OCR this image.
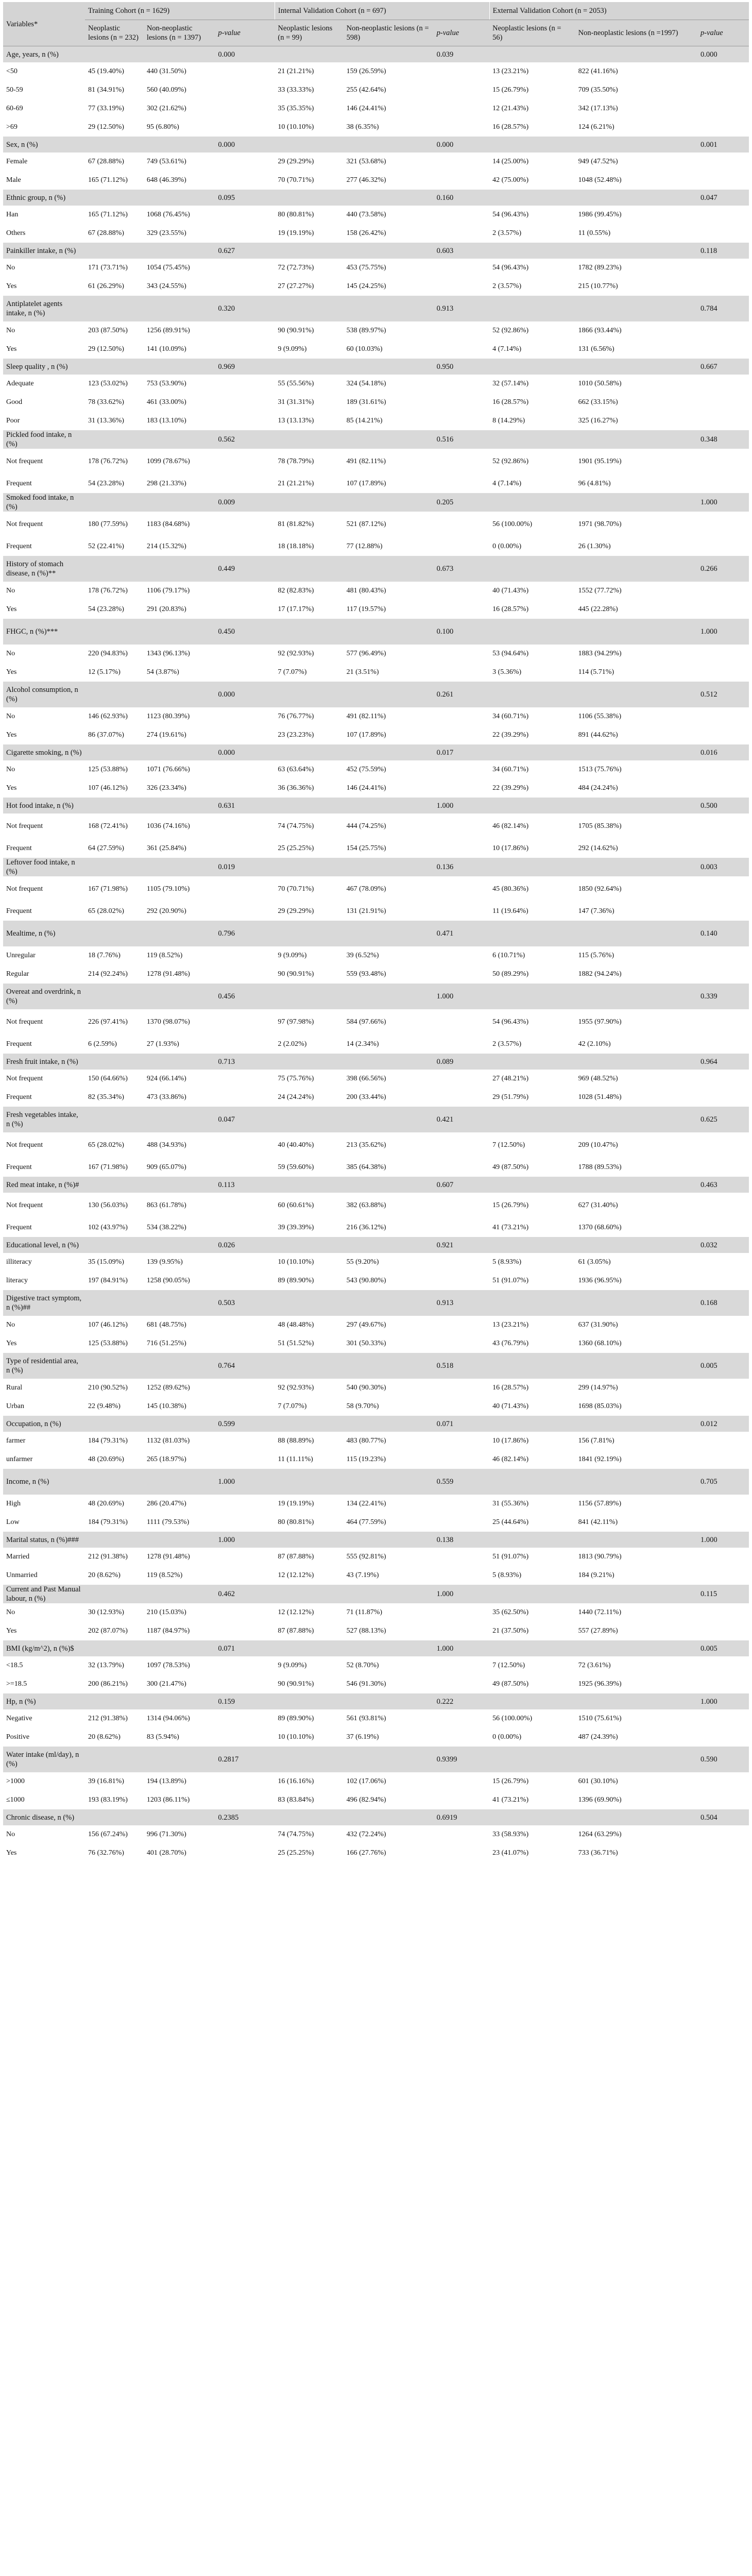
Variables*	Training Cohort (n = 1629)			Internal Validation Cohort (n = 697)			External Validation Cohort (n = 2053)		
	Neoplastic lesions (n = 232)	Non-neoplastic lesions (n = 1397)	p-value	Neoplastic lesions (n = 99)	Non-neoplastic lesions (n = 598)	p-value	Neoplastic lesions (n = 56)	Non-neoplastic lesions (n =1997)	p-value
Age, years, n (%)			0.000			0.039			0.000
<50	45 (19.40%)	440 (31.50%)		21 (21.21%)	159 (26.59%)		13 (23.21%)	822 (41.16%)	
50-59	81 (34.91%)	560 (40.09%)		33 (33.33%)	255 (42.64%)		15 (26.79%)	709 (35.50%)	
60-69	77 (33.19%)	302 (21.62%)		35 (35.35%)	146 (24.41%)		12 (21.43%)	342 (17.13%)	
>69	29 (12.50%)	95 (6.80%)		10 (10.10%)	38 (6.35%)		16 (28.57%)	124 (6.21%)	
Sex, n (%)			0.000			0.000			0.001
Female	67 (28.88%)	749 (53.61%)		29 (29.29%)	321 (53.68%)		14 (25.00%)	949 (47.52%)	
Male	165 (71.12%)	648 (46.39%)		70 (70.71%)	277 (46.32%)		42 (75.00%)	1048 (52.48%)	
Ethnic group, n (%)			0.095			0.160			0.047
Han	165 (71.12%)	1068 (76.45%)		80 (80.81%)	440 (73.58%)		54 (96.43%)	1986 (99.45%)	
Others	67 (28.88%)	329 (23.55%)		19 (19.19%)	158 (26.42%)		2 (3.57%)	11 (0.55%)	
Painkiller intake, n (%)			0.627			0.603			0.118
No	171 (73.71%)	1054 (75.45%)		72 (72.73%)	453 (75.75%)		54 (96.43%)	1782 (89.23%)	
Yes	61 (26.29%)	343 (24.55%)		27 (27.27%)	145 (24.25%)		2 (3.57%)	215 (10.77%)	
Antiplatelet agents intake, n (%)			0.320			0.913			0.784
No	203 (87.50%)	1256 (89.91%)		90 (90.91%)	538 (89.97%)		52 (92.86%)	1866 (93.44%)	
Yes	29 (12.50%)	141 (10.09%)		9 (9.09%)	60 (10.03%)		4 (7.14%)	131 (6.56%)	
Sleep quality , n (%)			0.969			0.950			0.667
Adequate	123 (53.02%)	753 (53.90%)		55 (55.56%)	324 (54.18%)		32 (57.14%)	1010 (50.58%)	
Good	78 (33.62%)	461 (33.00%)		31 (31.31%)	189 (31.61%)		16 (28.57%)	662 (33.15%)	
Poor	31 (13.36%)	183 (13.10%)		13 (13.13%)	85 (14.21%)		8 (14.29%)	325 (16.27%)	
Pickled food intake, n (%)			0.562			0.516			0.348
Not frequent	178 (76.72%)	1099 (78.67%)		78 (78.79%)	491 (82.11%)		52 (92.86%)	1901 (95.19%)	
Frequent	54 (23.28%)	298 (21.33%)		21 (21.21%)	107 (17.89%)		4 (7.14%)	96 (4.81%)	
Smoked food intake, n (%)			0.009			0.205			1.000
Not frequent	180 (77.59%)	1183 (84.68%)		81 (81.82%)	521 (87.12%)		56 (100.00%)	1971 (98.70%)	
Frequent	52 (22.41%)	214 (15.32%)		18 (18.18%)	77 (12.88%)		0 (0.00%)	26 (1.30%)	
History of stomach disease, n (%)**			0.449			0.673			0.266
No	178 (76.72%)	1106 (79.17%)		82 (82.83%)	481 (80.43%)		40 (71.43%)	1552 (77.72%)	
Yes	54 (23.28%)	291 (20.83%)		17 (17.17%)	117 (19.57%)		16 (28.57%)	445 (22.28%)	
FHGC, n (%)***			0.450			0.100			1.000
No	220 (94.83%)	1343 (96.13%)		92 (92.93%)	577 (96.49%)		53 (94.64%)	1883 (94.29%)	
Yes	12 (5.17%)	54 (3.87%)		7 (7.07%)	21 (3.51%)		3 (5.36%)	114 (5.71%)	
Alcohol consumption, n (%)			0.000			0.261			0.512
No	146 (62.93%)	1123 (80.39%)		76 (76.77%)	491 (82.11%)		34 (60.71%)	1106 (55.38%)	
Yes	86 (37.07%)	274 (19.61%)		23 (23.23%)	107 (17.89%)		22 (39.29%)	891 (44.62%)	
Cigarette smoking, n (%)			0.000			0.017			0.016
No	125 (53.88%)	1071 (76.66%)		63 (63.64%)	452 (75.59%)		34 (60.71%)	1513 (75.76%)	
Yes	107 (46.12%)	326 (23.34%)		36 (36.36%)	146 (24.41%)		22 (39.29%)	484 (24.24%)	
Hot food intake, n (%)			0.631			1.000			0.500
Not frequent	168 (72.41%)	1036 (74.16%)		74 (74.75%)	444 (74.25%)		46 (82.14%)	1705 (85.38%)	
Frequent	64 (27.59%)	361 (25.84%)		25 (25.25%)	154 (25.75%)		10 (17.86%)	292 (14.62%)	
Leftover food intake, n (%)			0.019			0.136			0.003
Not frequent	167 (71.98%)	1105 (79.10%)		70 (70.71%)	467 (78.09%)		45 (80.36%)	1850 (92.64%)	
Frequent	65 (28.02%)	292 (20.90%)		29 (29.29%)	131 (21.91%)		11 (19.64%)	147 (7.36%)	
Mealtime, n (%)			0.796			0.471			0.140
Unregular	18 (7.76%)	119 (8.52%)		9 (9.09%)	39 (6.52%)		6 (10.71%)	115 (5.76%)	
Regular	214 (92.24%)	1278 (91.48%)		90 (90.91%)	559 (93.48%)		50 (89.29%)	1882 (94.24%)	
Overeat and overdrink, n (%)			0.456			1.000			0.339
Not frequent	226 (97.41%)	1370 (98.07%)		97 (97.98%)	584 (97.66%)		54 (96.43%)	1955 (97.90%)	
Frequent	6 (2.59%)	27 (1.93%)		2 (2.02%)	14 (2.34%)		2 (3.57%)	42 (2.10%)	
Fresh fruit intake, n (%)			0.713			0.089			0.964
Not frequent	150 (64.66%)	924 (66.14%)		75 (75.76%)	398 (66.56%)		27 (48.21%)	969 (48.52%)	
Frequent	82 (35.34%)	473 (33.86%)		24 (24.24%)	200 (33.44%)		29 (51.79%)	1028 (51.48%)	
Fresh vegetables intake, n (%)			0.047			0.421			0.625
Not frequent	65 (28.02%)	488 (34.93%)		40 (40.40%)	213 (35.62%)		7 (12.50%)	209 (10.47%)	
Frequent	167 (71.98%)	909 (65.07%)		59 (59.60%)	385 (64.38%)		49 (87.50%)	1788 (89.53%)	
Red meat intake, n (%)#			0.113			0.607			0.463
Not frequent	130 (56.03%)	863 (61.78%)		60 (60.61%)	382 (63.88%)		15 (26.79%)	627 (31.40%)	
Frequent	102 (43.97%)	534 (38.22%)		39 (39.39%)	216 (36.12%)		41 (73.21%)	1370 (68.60%)	
Educational level, n (%)			0.026			0.921			0.032
illiteracy	35 (15.09%)	139 (9.95%)		10 (10.10%)	55 (9.20%)		5 (8.93%)	61 (3.05%)	
literacy	197 (84.91%)	1258 (90.05%)		89 (89.90%)	543 (90.80%)		51 (91.07%)	1936 (96.95%)	
Digestive tract symptom, n (%)##			0.503			0.913			0.168
No	107 (46.12%)	681 (48.75%)		48 (48.48%)	297 (49.67%)		13 (23.21%)	637 (31.90%)	
Yes	125 (53.88%)	716 (51.25%)		51 (51.52%)	301 (50.33%)		43 (76.79%)	1360 (68.10%)	
Type of residential area, n (%)			0.764			0.518			0.005
Rural	210 (90.52%)	1252 (89.62%)		92 (92.93%)	540 (90.30%)		16 (28.57%)	299 (14.97%)	
Urban	22 (9.48%)	145 (10.38%)		7 (7.07%)	58 (9.70%)		40 (71.43%)	1698 (85.03%)	
Occupation, n (%)			0.599			0.071			0.012
farmer	184 (79.31%)	1132 (81.03%)		88 (88.89%)	483 (80.77%)		10 (17.86%)	156 (7.81%)	
unfarmer	48 (20.69%)	265 (18.97%)		11 (11.11%)	115 (19.23%)		46 (82.14%)	1841 (92.19%)	
Income, n (%)			1.000			0.559			0.705
High	48 (20.69%)	286 (20.47%)		19 (19.19%)	134 (22.41%)		31 (55.36%)	1156 (57.89%)	
Low	184 (79.31%)	1111 (79.53%)		80 (80.81%)	464 (77.59%)		25 (44.64%)	841 (42.11%)	
Marital status, n (%)###			1.000			0.138			1.000
Married	212 (91.38%)	1278 (91.48%)		87 (87.88%)	555 (92.81%)		51 (91.07%)	1813 (90.79%)	
Unmarried	20 (8.62%)	119 (8.52%)		12 (12.12%)	43 (7.19%)		5 (8.93%)	184 (9.21%)	
Current and Past Manual labour, n (%)			0.462			1.000			0.115
No	30 (12.93%)	210 (15.03%)		12 (12.12%)	71 (11.87%)		35 (62.50%)	1440 (72.11%)	
Yes	202 (87.07%)	1187 (84.97%)		87 (87.88%)	527 (88.13%)		21 (37.50%)	557 (27.89%)	
BMI (kg/m^2), n (%)$			0.071			1.000			0.005
<18.5	32 (13.79%)	1097 (78.53%)		9 (9.09%)	52 (8.70%)		7 (12.50%)	72 (3.61%)	
>=18.5	200 (86.21%)	300 (21.47%)		90 (90.91%)	546 (91.30%)		49 (87.50%)	1925 (96.39%)	
Hp, n (%)			0.159			0.222			1.000
Negative	212 (91.38%)	1314 (94.06%)		89 (89.90%)	561 (93.81%)		56 (100.00%)	1510 (75.61%)	
Positive	20 (8.62%)	83 (5.94%)		10 (10.10%)	37 (6.19%)		0 (0.00%)	487 (24.39%)	
Water intake (ml/day), n (%)			0.2817			0.9399			0.590
>1000	39 (16.81%)	194 (13.89%)		16 (16.16%)	102 (17.06%)		15 (26.79%)	601 (30.10%)	
≤1000	193 (83.19%)	1203 (86.11%)		83 (83.84%)	496 (82.94%)		41 (73.21%)	1396 (69.90%)	
Chronic disease, n (%)			0.2385			0.6919			0.504
No	156 (67.24%)	996 (71.30%)		74 (74.75%)	432 (72.24%)		33 (58.93%)	1264 (63.29%)	
Yes	76 (32.76%)	401 (28.70%)		25 (25.25%)	166 (27.76%)		23 (41.07%)	733 (36.71%)	
